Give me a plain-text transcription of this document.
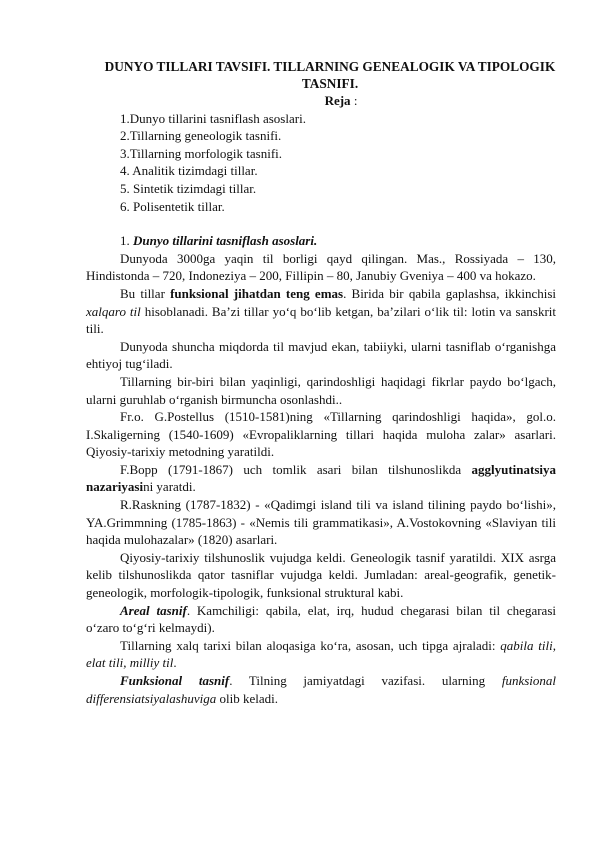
DUNYO TILLARI TAVSIFI. TILLARNING GENEALOGIK VA TIPOLOGIK TASNIFI.
Reja :
1.Dunyo tillarini tasniflash asoslari.
2.Tillarning geneologik tasnifi.
3.Tillarning morfologik tasnifi.
4. Analitik tizimdagi tillar.
5. Sintetik tizimdagi tillar.
6. Polisentetik tillar.
1. Dunyo tillarini tasniflash asoslari.
Dunyoda 3000ga yaqin til borligi qayd qilingan. Mas., Rossiyada – 130, Hindistonda – 720, Indoneziya – 200, Fillipin – 80, Janubiy Gveniya – 400 va hokazo.
Bu tillar funksional jihatdan teng emas. Birida bir qabila gaplashsa, ikkinchisi xalqaro til hisoblanadi. Ba’zi tillar yo‘q bo‘lib ketgan, ba’zilari o‘lik til: lotin va sanskrit tili.
Dunyoda shuncha miqdorda til mavjud ekan, tabiiyki, ularni tasniflab o‘rganishga ehtiyoj tug‘iladi.
Tillarning bir-biri bilan yaqinligi, qarindoshligi haqidagi fikrlar paydo bo‘lgach, ularni guruhlab o‘rganish birmuncha osonlashdi..
Fr.o. G.Postellus (1510-1581)ning «Tillarning qarindoshligi haqida», gol.o. I.Skaligerning (1540-1609) «Evropaliklarning tillari haqida muloha zalar» asarlari. Qiyosiy-tarixiy metodning yaratildi.
F.Bopp (1791-1867) uch tomlik asari bilan tilshunoslikda agglyutinatsiya nazariyasini yaratdi.
R.Raskning (1787-1832) - «Qadimgi island tili va island tilining paydo bo‘lishi», YA.Grimmning (1785-1863) - «Nemis tili grammatikasi», A.Vostokovning «Slaviyan tili haqida mulohazalar» (1820) asarlari.
Qiyosiy-tarixiy tilshunoslik vujudga keldi. Geneologik tasnif yaratildi. XIX asrga kelib tilshunoslikda qator tasniflar vujudga keldi. Jumladan: areal-geografik, genetik-geneologik, morfologik-tipologik, funksional struktural kabi.
Areal tasnif. Kamchiligi: qabila, elat, irq, hudud chegarasi bilan til chegarasi o‘zaro to‘g‘ri kelmaydi).
Tillarning xalq tarixi bilan aloqasiga ko‘ra, asosan, uch tipga ajraladi: qabila tili, elat tili, milliy til.
Funksional tasnif. Tilning jamiyatdagi vazifasi. ularning funksional differensiatsiyalashuviga olib keladi.
